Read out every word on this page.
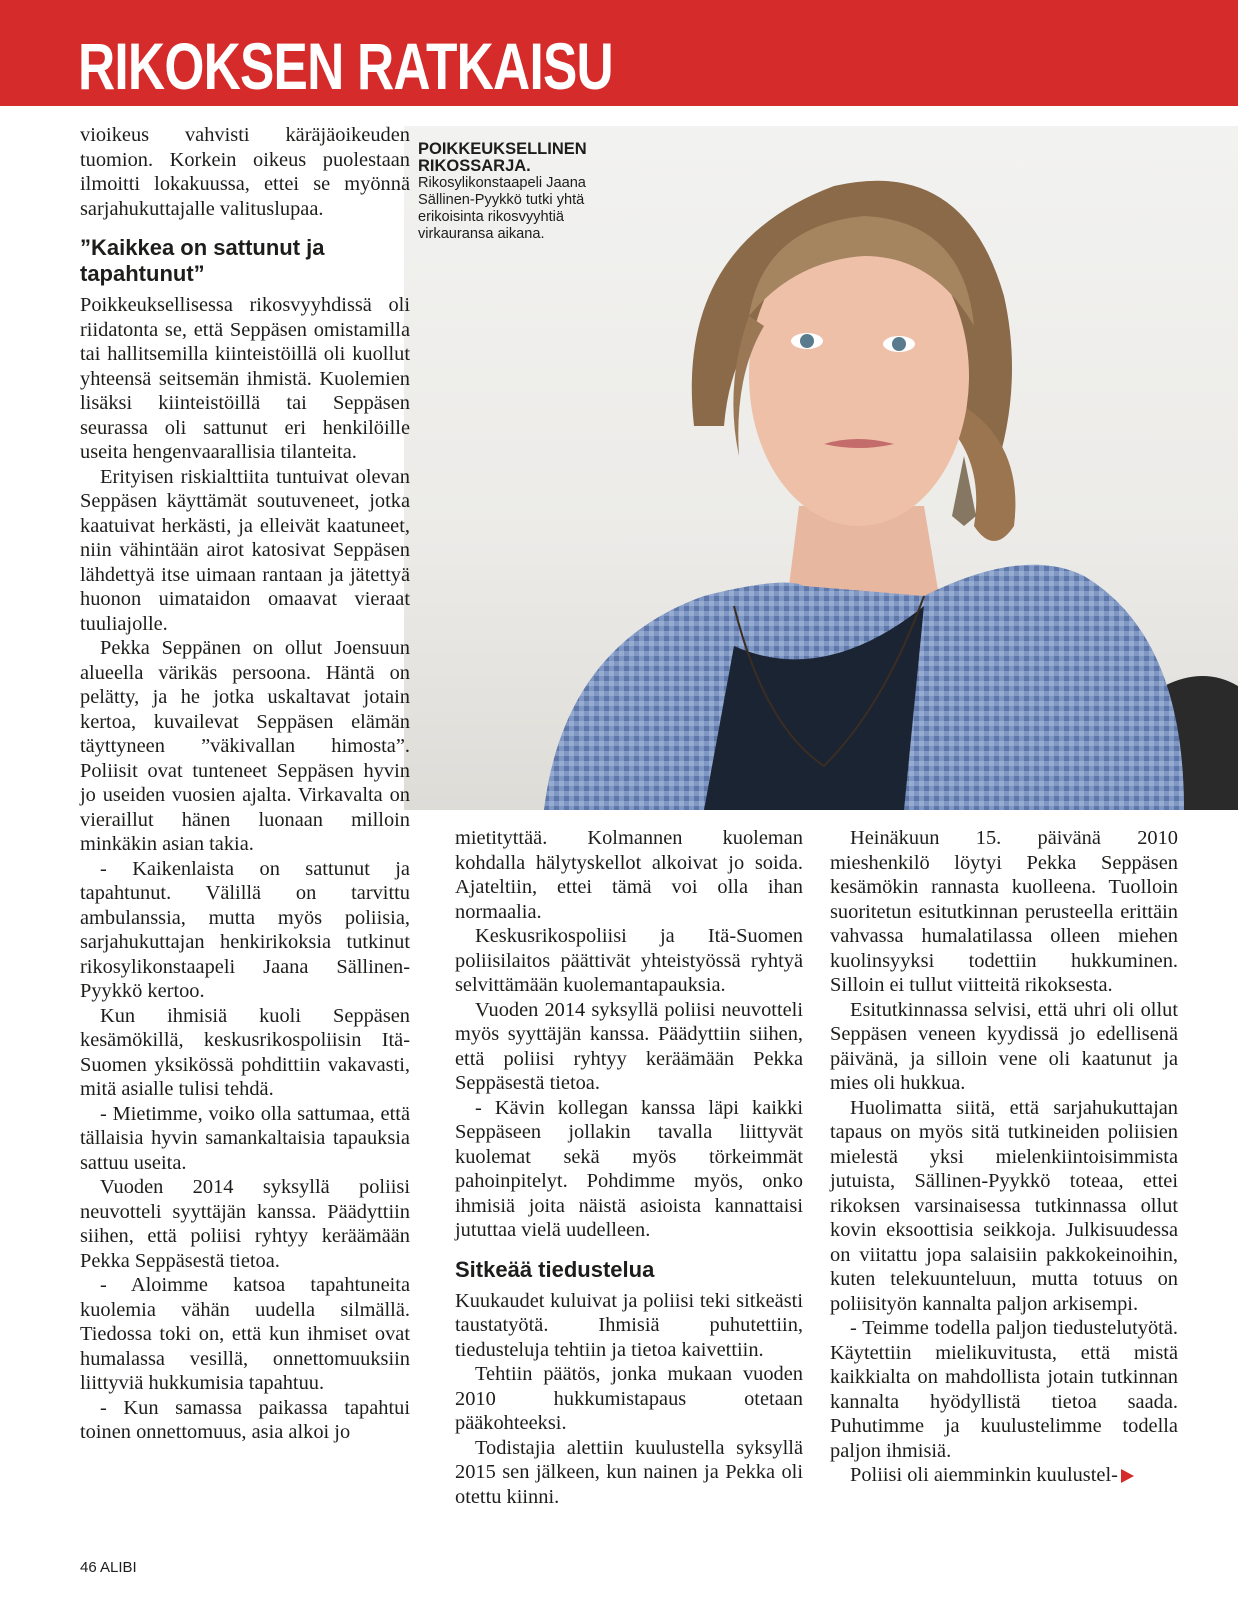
RIKOKSEN RATKAISU
POIKKEUKSELLINEN RIKOSSARJA.
Rikosylikonstaapeli Jaana Sällinen-Pyykkö tutki yhtä erikoisinta rikosvyyhtiä virkauransa aikana.

vioikeus vahvisti käräjäoikeuden tuomion. Korkein oikeus puolestaan ilmoitti lokakuussa, ettei se myönnä sarjahukuttajalle valituslupaa.

”Kaikkea on sattunut ja tapahtunut”

Poikkeuksellisessa rikosvyyhdissä oli riidatonta se, että Seppäsen omistamilla tai hallitsemilla kiinteistöillä oli kuollut yhteensä seitsemän ihmistä. Kuolemien lisäksi kiinteistöillä tai Seppäsen seurassa oli sattunut eri henkilöille useita hengenvaarallisia tilanteita.

Erityisen riskialttiita tuntuivat olevan Seppäsen käyttämät soutuveneet, jotka kaatuivat herkästi, ja elleivät kaatuneet, niin vähintään airot katosivat Seppäsen lähdettyä itse uimaan rantaan ja jätettyä huonon uimataidon omaavat vieraat tuuliajolle.

Pekka Seppänen on ollut Joensuun alueella värikäs persoona. Häntä on pelätty, ja he jotka uskaltavat jotain kertoa, kuvailevat Seppäsen elämän täyttyneen ”väkivallan himosta”. Poliisit ovat tunteneet Seppäsen hyvin jo useiden vuosien ajalta. Virkavalta on vieraillut hänen luonaan milloin minkäkin asian takia.

- Kaikenlaista on sattunut ja tapahtunut. Välillä on tarvittu ambulanssia, mutta myös poliisia, sarjahukuttajan henkirikoksia tutkinut rikosylikonstaapeli Jaana Sällinen-Pyykkö kertoo.

Kun ihmisiä kuoli Seppäsen kesämökillä, keskusrikospoliisin Itä-Suomen yksikössä pohdittiin vakavasti, mitä asialle tulisi tehdä.

- Mietimme, voiko olla sattumaa, että tällaisia hyvin samankaltaisia tapauksia sattuu useita.

Vuoden 2014 syksyllä poliisi neuvotteli syyttäjän kanssa. Päädyttiin siihen, että poliisi ryhtyy keräämään Pekka Seppäsestä tietoa.

- Aloimme katsoa tapahtuneita kuolemia vähän uudella silmällä. Tiedossa toki on, että kun ihmiset ovat humalassa vesillä, onnettomuuksiin liittyviä hukkumisia tapahtuu.

- Kun samassa paikassa tapahtui toinen onnettomuus, asia alkoi jo

mietityttää. Kolmannen kuoleman kohdalla hälytyskellot alkoivat jo soida. Ajateltiin, ettei tämä voi olla ihan normaalia.

Keskusrikospoliisi ja Itä-Suomen poliisilaitos päättivät yhteistyössä ryhtyä selvittämään kuolemantapauksia.

Vuoden 2014 syksyllä poliisi neuvotteli myös syyttäjän kanssa. Päädyttiin siihen, että poliisi ryhtyy keräämään Pekka Seppäsestä tietoa.

- Kävin kollegan kanssa läpi kaikki Seppäseen jollakin tavalla liittyvät kuolemat sekä myös törkeimmät pahoinpitelyt. Pohdimme myös, onko ihmisiä joita näistä asioista kannattaisi jututtaa vielä uudelleen.

Sitkeää tiedustelua

Kuukaudet kuluivat ja poliisi teki sitkeästi taustatyötä. Ihmisiä puhutettiin, tiedusteluja tehtiin ja tietoa kaivettiin.

Tehtiin päätös, jonka mukaan vuoden 2010 hukkumistapaus otetaan pääkohteeksi.

Todistajia alettiin kuulustella syksyllä 2015 sen jälkeen, kun nainen ja Pekka oli otettu kiinni.

Heinäkuun 15. päivänä 2010 mieshenkilö löytyi Pekka Seppäsen kesämökin rannasta kuolleena. Tuolloin suoritetun esitutkinnan perusteella erittäin vahvassa humalatilassa olleen miehen kuolinsyyksi todettiin hukkuminen. Silloin ei tullut viitteitä rikoksesta.

Esitutkinnassa selvisi, että uhri oli ollut Seppäsen veneen kyydissä jo edellisenä päivänä, ja silloin vene oli kaatunut ja mies oli hukkua.

Huolimatta siitä, että sarjahukuttajan tapaus on myös sitä tutkineiden poliisien mielestä yksi mielenkiintoisimmista jutuista, Sällinen-Pyykkö toteaa, ettei rikoksen varsinaisessa tutkinnassa ollut kovin eksoottisia seikkoja. Julkisuudessa on viitattu jopa salaisiin pakkokeinoihin, kuten telekuunteluun, mutta totuus on poliisityön kannalta paljon arkisempi.

- Teimme todella paljon tiedustelutyötä. Käytettiin mielikuvitusta, että mistä kaikkialta on mahdollista jotain tutkinnan kannalta hyödyllistä tietoa saada. Puhutimme ja kuulustelimme todella paljon ihmisiä.

Poliisi oli aiemminkin kuulustel-

46 ALIBI
